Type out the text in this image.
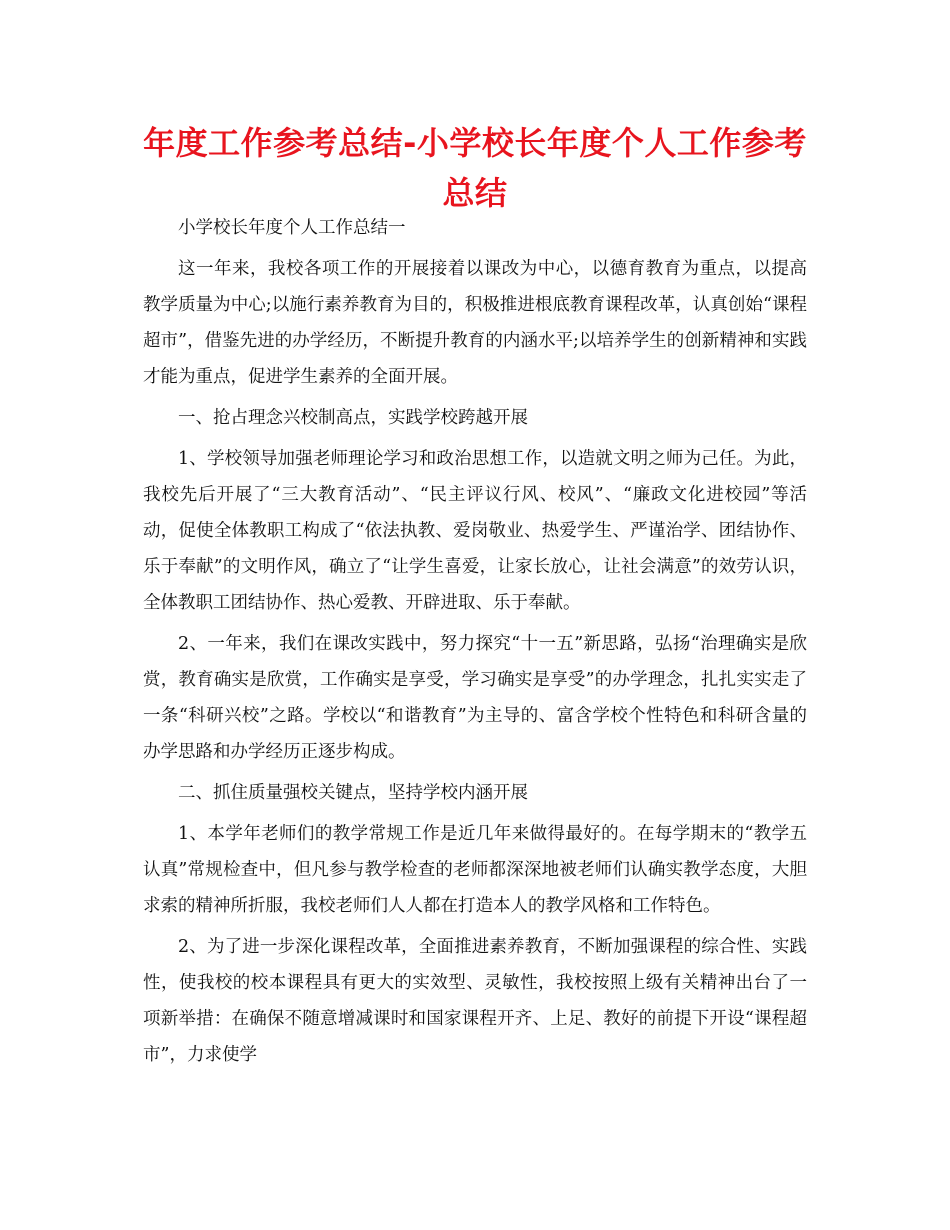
年度工作参考总结-小学校长年度个人工作参考总结

小学校长年度个人工作总结一

这一年来，我校各项工作的开展接着以课改为中心，以德育教育为重点，以提高教学质量为中心;以施行素养教育为目的，积极推进根底教育课程改革，认真创始“课程超市”，借鉴先进的办学经历，不断提升教育的内涵水平;以培养学生的创新精神和实践才能为重点，促进学生素养的全面开展。

一、抢占理念兴校制高点，实践学校跨越开展

1、学校领导加强老师理论学习和政治思想工作，以造就文明之师为己任。为此，我校先后开展了“三大教育活动”、“民主评议行风、校风”、“廉政文化进校园”等活动，促使全体教职工构成了“依法执教、爱岗敬业、热爱学生、严谨治学、团结协作、乐于奉献”的文明作风，确立了“让学生喜爱，让家长放心，让社会满意”的效劳认识，全体教职工团结协作、热心爱教、开辟进取、乐于奉献。

2、一年来，我们在课改实践中，努力探究“十一五”新思路，弘扬“治理确实是欣赏，教育确实是欣赏，工作确实是享受，学习确实是享受”的办学理念，扎扎实实走了一条“科研兴校”之路。学校以“和谐教育”为主导的、富含学校个性特色和科研含量的办学思路和办学经历正逐步构成。

二、抓住质量强校关键点，坚持学校内涵开展

1、本学年老师们的教学常规工作是近几年来做得最好的。在每学期末的“教学五认真”常规检查中，但凡参与教学检查的老师都深深地被老师们认确实教学态度，大胆求索的精神所折服，我校老师们人人都在打造本人的教学风格和工作特色。

2、为了进一步深化课程改革，全面推进素养教育，不断加强课程的综合性、实践性，使我校的校本课程具有更大的实效型、灵敏性，我校按照上级有关精神出台了一项新举措：在确保不随意增减课时和国家课程开齐、上足、教好的前提下开设“课程超市”，力求使学
